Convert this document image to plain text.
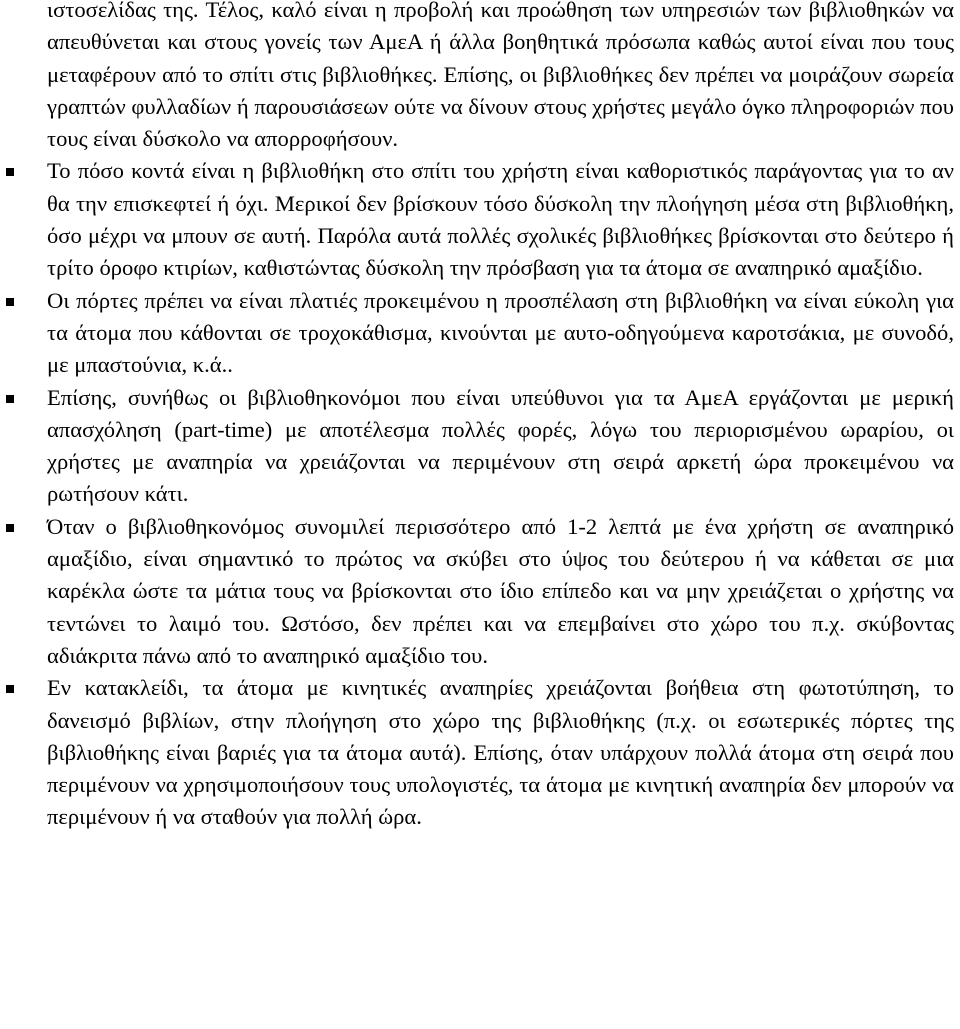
ιστοσελίδας της. Τέλος, καλό είναι η προβολή και προώθηση των υπηρεσιών των βιβλιοθηκών να απευθύνεται και στους γονείς των ΑμεΑ ή άλλα βοηθητικά πρόσωπα καθώς αυτοί είναι που τους μεταφέρουν από το σπίτι στις βιβλιοθήκες. Επίσης, οι βιβλιοθήκες δεν πρέπει να μοιράζουν σωρεία γραπτών φυλλαδίων ή παρουσιάσεων ούτε να δίνουν στους χρήστες μεγάλο όγκο πληροφοριών που τους είναι δύσκολο να απορροφήσουν.

Το πόσο κοντά είναι η βιβλιοθήκη στο σπίτι του χρήστη είναι καθοριστικός παράγοντας για το αν θα την επισκεφτεί ή όχι. Μερικοί δεν βρίσκουν τόσο δύσκολη την πλοήγηση μέσα στη βιβλιοθήκη, όσο μέχρι να μπουν σε αυτή. Παρόλα αυτά πολλές σχολικές βιβλιοθήκες βρίσκονται στο δεύτερο ή τρίτο όροφο κτιρίων, καθιστώντας δύσκολη την πρόσβαση για τα άτομα σε αναπηρικό αμαξίδιο.
Οι πόρτες πρέπει να είναι πλατιές προκειμένου η προσπέλαση στη βιβλιοθήκη να είναι εύκολη για τα άτομα που κάθονται σε τροχοκάθισμα, κινούνται με αυτο-οδηγούμενα καροτσάκια, με συνοδό, με μπαστούνια, κ.ά..
Επίσης, συνήθως οι βιβλιοθηκονόμοι που είναι υπεύθυνοι για τα ΑμεΑ εργάζονται με μερική απασχόληση (part-time) με αποτέλεσμα πολλές φορές, λόγω του περιορισμένου ωραρίου, οι χρήστες με αναπηρία να χρειάζονται να περιμένουν στη σειρά αρκετή ώρα προκειμένου να ρωτήσουν κάτι.
Όταν ο βιβλιοθηκονόμος συνομιλεί περισσότερο από 1-2 λεπτά με ένα χρήστη σε αναπηρικό αμαξίδιο, είναι σημαντικό το πρώτος να σκύβει στο ύψος του δεύτερου ή να κάθεται σε μια καρέκλα ώστε τα μάτια τους να βρίσκονται στο ίδιο επίπεδο και να μην χρειάζεται ο χρήστης να τεντώνει το λαιμό του. Ωστόσο, δεν πρέπει και να επεμβαίνει στο χώρο του π.χ. σκύβοντας αδιάκριτα πάνω από το αναπηρικό αμαξίδιο του.
Εν κατακλείδι, τα άτομα με κινητικές αναπηρίες χρειάζονται βοήθεια στη φωτοτύπηση, το δανεισμό βιβλίων, στην πλοήγηση στο χώρο της βιβλιοθήκης (π.χ. οι εσωτερικές πόρτες της βιβλιοθήκης είναι βαριές για τα άτομα αυτά). Επίσης, όταν υπάρχουν πολλά άτομα στη σειρά που περιμένουν να χρησιμοποιήσουν τους υπολογιστές, τα άτομα με κινητική αναπηρία δεν μπορούν να περιμένουν ή να σταθούν για πολλή ώρα.
